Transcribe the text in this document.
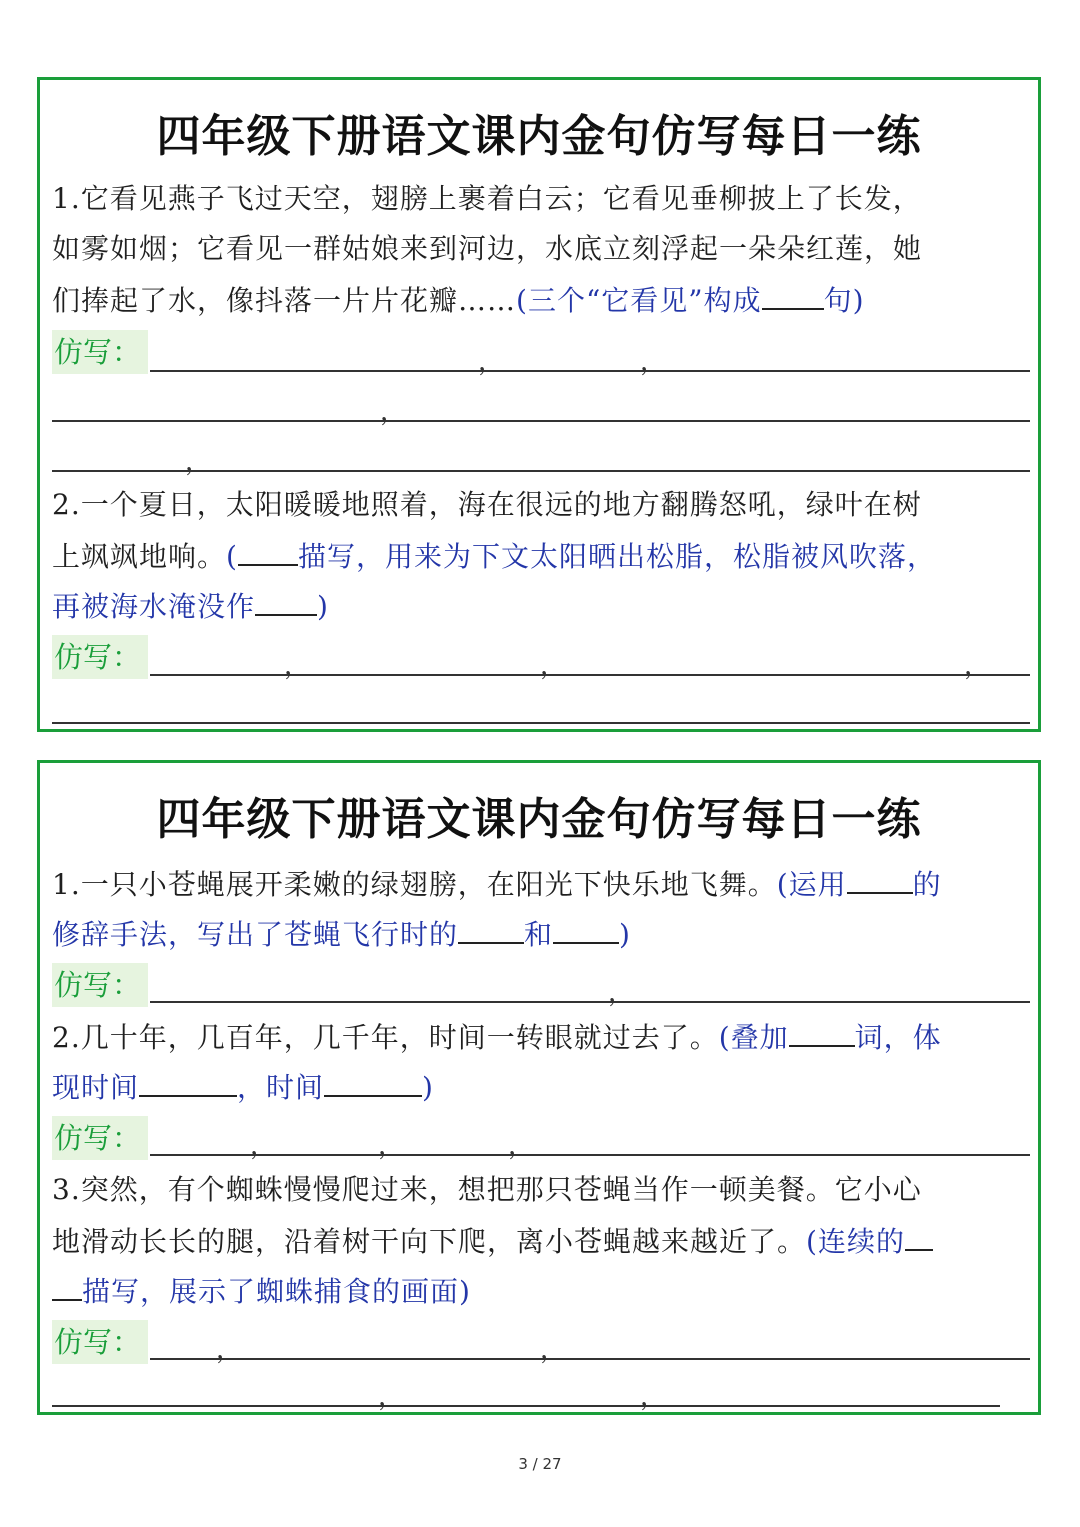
四年级下册语文课内金句仿写每日一练
1.它看见燕子飞过天空，翅膀上裹着白云；它看见垂柳披上了长发，
如雾如烟；它看见一群姑娘来到河边，水底立刻浮起一朵朵红莲，她
们捧起了水，像抖落一片片花瓣……(三个“它看见”构成 句)
仿写：	，	，
，
，
2.一个夏日，太阳暖暖地照着，海在很远的地方翻腾怒吼，绿叶在树
上飒飒地响。( 描写，用来为下文太阳晒出松脂，松脂被风吹落，
再被海水淹没作 )
仿写：	，	，	，
四年级下册语文课内金句仿写每日一练
1.一只小苍蝇展开柔嫩的绿翅膀，在阳光下快乐地飞舞。(运用 的
修辞手法，写出了苍蝇飞行时的 和 )
仿写：	，
2.几十年，几百年，几千年，时间一转眼就过去了。(叠加 词，体
现时间	，时间	)
仿写：	，	，	，
3.突然，有个蜘蛛慢慢爬过来，想把那只苍蝇当作一顿美餐。它小心
地滑动长长的腿，沿着树干向下爬，离小苍蝇越来越近了。(连续的
描写，展示了蜘蛛捕食的画面)
仿写：	，	，
，	，
3 / 27
